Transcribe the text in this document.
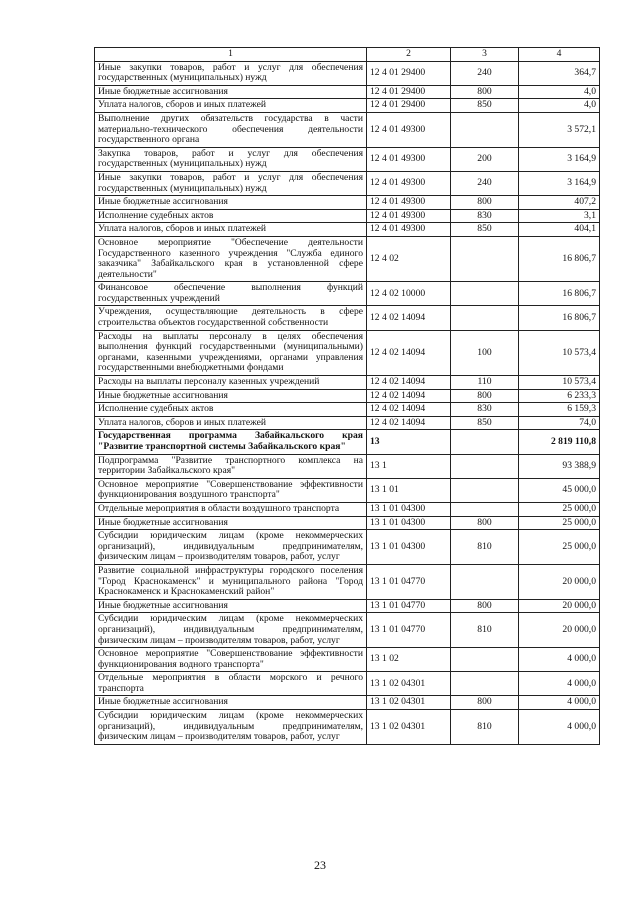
1	2	3	4
Иные закупки товаров, работ и услуг для обеспечения государственных (муниципальных) нужд	12 4 01 29400	240	364,7
Иные бюджетные ассигнования	12 4 01 29400	800	4,0
Уплата налогов, сборов и иных платежей	12 4 01 29400	850	4,0
Выполнение других обязательств государства в части материально-технического обеспечения деятельности государственного органа	12 4 01 49300		3 572,1
Закупка товаров, работ и услуг для обеспечения государственных (муниципальных) нужд	12 4 01 49300	200	3 164,9
Иные закупки товаров, работ и услуг для обеспечения государственных (муниципальных) нужд	12 4 01 49300	240	3 164,9
Иные бюджетные ассигнования	12 4 01 49300	800	407,2
Исполнение судебных актов	12 4 01 49300	830	3,1
Уплата налогов, сборов и иных платежей	12 4 01 49300	850	404,1
Основное мероприятие "Обеспечение деятельности Государственного казенного учреждения "Служба единого заказчика" Забайкальского края в установленной сфере деятельности"	12 4 02		16 806,7
Финансовое обеспечение выполнения функций государственных учреждений	12 4 02 10000		16 806,7
Учреждения, осуществляющие деятельность в сфере строительства объектов государственной собственности	12 4 02 14094		16 806,7
Расходы на выплаты персоналу в целях обеспечения выполнения функций государственными (муниципальными) органами, казенными учреждениями, органами управления государственными внебюджетными фондами	12 4 02 14094	100	10 573,4
Расходы на выплаты персоналу казенных учреждений	12 4 02 14094	110	10 573,4
Иные бюджетные ассигнования	12 4 02 14094	800	6 233,3
Исполнение судебных актов	12 4 02 14094	830	6 159,3
Уплата налогов, сборов и иных платежей	12 4 02 14094	850	74,0
Государственная программа Забайкальского края "Развитие транспортной системы Забайкальского края"	13		2 819 110,8
Подпрограмма "Развитие транспортного комплекса на территории Забайкальского края"	13 1		93 388,9
Основное мероприятие "Совершенствование эффективности функционирования воздушного транспорта"	13 1 01		45 000,0
Отдельные мероприятия в области воздушного транспорта	13 1 01 04300		25 000,0
Иные бюджетные ассигнования	13 1 01 04300	800	25 000,0
Субсидии юридическим лицам (кроме некоммерческих организаций), индивидуальным предпринимателям, физическим лицам – производителям товаров, работ, услуг	13 1 01 04300	810	25 000,0
Развитие социальной инфраструктуры городского поселения "Город Краснокаменск" и муниципального района "Город Краснокаменск и Краснокаменский район"	13 1 01 04770		20 000,0
Иные бюджетные ассигнования	13 1 01 04770	800	20 000,0
Субсидии юридическим лицам (кроме некоммерческих организаций), индивидуальным предпринимателям, физическим лицам – производителям товаров, работ, услуг	13 1 01 04770	810	20 000,0
Основное мероприятие "Совершенствование эффективности функционирования водного транспорта"	13 1 02		4 000,0
Отдельные мероприятия в области морского и речного транспорта	13 1 02 04301		4 000,0
Иные бюджетные ассигнования	13 1 02 04301	800	4 000,0
Субсидии юридическим лицам (кроме некоммерческих организаций), индивидуальным предпринимателям, физическим лицам – производителям товаров, работ, услуг	13 1 02 04301	810	4 000,0
23
